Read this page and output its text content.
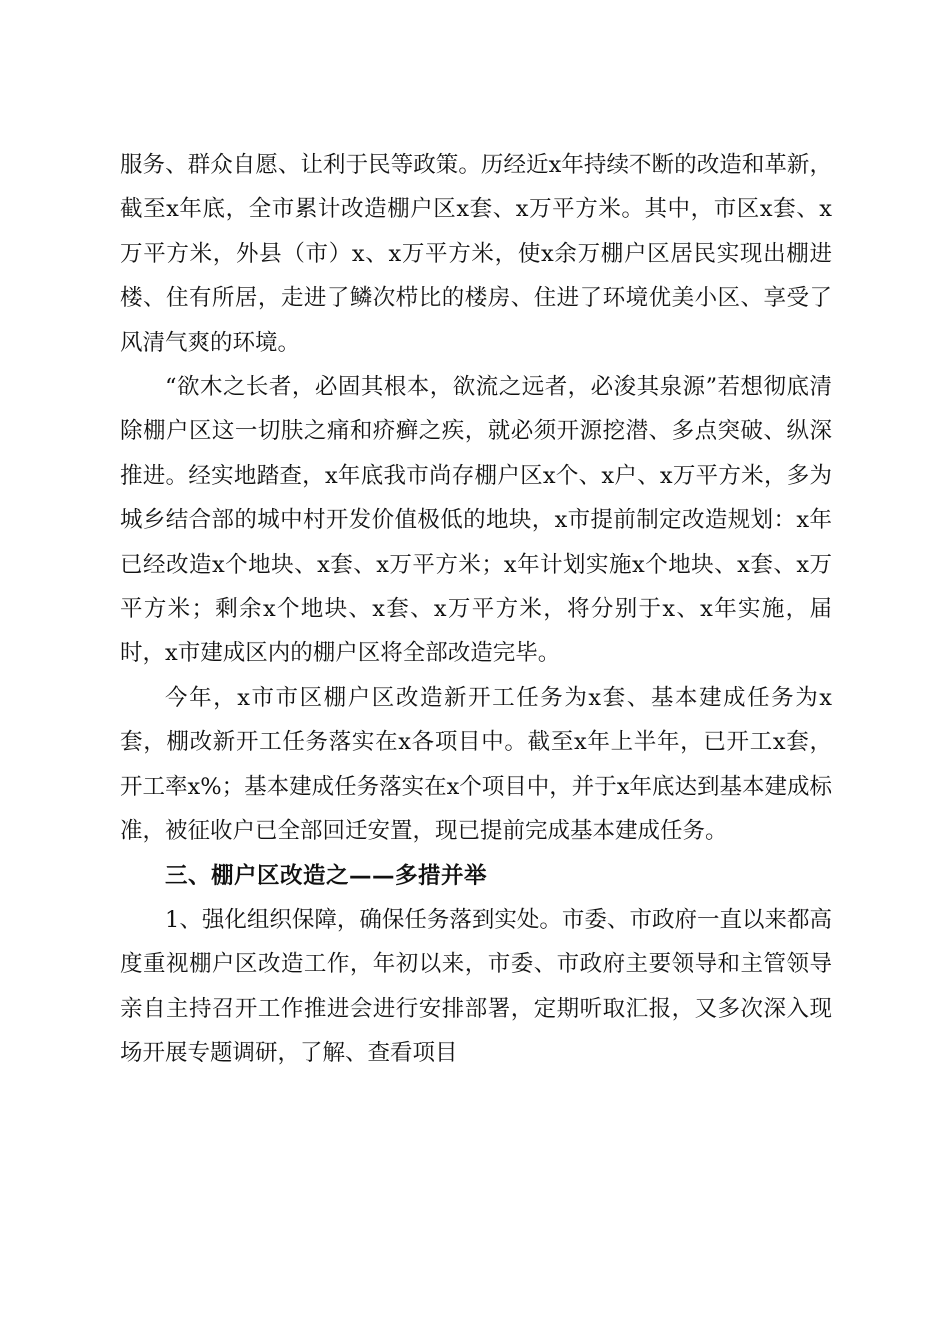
服务、群众自愿、让利于民等政策。历经近x年持续不断的改造和革新，截至x年底，全市累计改造棚户区x套、x万平方米。其中，市区x套、x万平方米，外县（市）x、x万平方米，使x余万棚户区居民实现出棚进楼、住有所居，走进了鳞次栉比的楼房、住进了环境优美小区、享受了风清气爽的环境。

“欲木之长者，必固其根本，欲流之远者，必浚其泉源”若想彻底清除棚户区这一切肤之痛和疥癣之疾，就必须开源挖潜、多点突破、纵深推进。经实地踏查，x年底我市尚存棚户区x个、x户、x万平方米，多为城乡结合部的城中村开发价值极低的地块，x市提前制定改造规划：x年已经改造x个地块、x套、x万平方米；x年计划实施x个地块、x套、x万平方米；剩余x个地块、x套、x万平方米，将分别于x、x年实施，届时，x市建成区内的棚户区将全部改造完毕。

今年，x市市区棚户区改造新开工任务为x套、基本建成任务为x套，棚改新开工任务落实在x各项目中。截至x年上半年，已开工x套，开工率x%；基本建成任务落实在x个项目中，并于x年底达到基本建成标准，被征收户已全部回迁安置，现已提前完成基本建成任务。

三、棚户区改造之——多措并举

1、强化组织保障，确保任务落到实处。市委、市政府一直以来都高度重视棚户区改造工作，年初以来，市委、市政府主要领导和主管领导亲自主持召开工作推进会进行安排部署，定期听取汇报，又多次深入现场开展专题调研，了解、查看项目
